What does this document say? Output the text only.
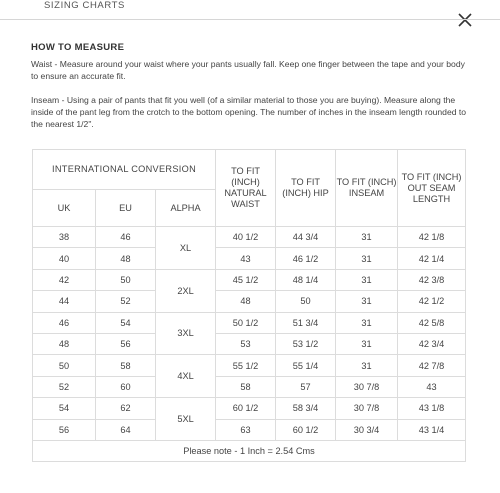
SIZING CHARTS
HOW TO MEASURE
Waist - Measure around your waist where your pants usually fall. Keep one finger between the tape and your body to ensure an accurate fit.
Inseam - Using a pair of pants that fit you well (of a similar material to those you are buying). Measure along the inside of the pant leg from the crotch to the bottom opening. The number of inches in the inseam length rounded to the nearest 1/2".
INTERNATIONAL CONVERSION			TO FIT (INCH) NATURAL WAIST	TO FIT (INCH) HIP	TO FIT (INCH) INSEAM	TO FIT (INCH) OUT SEAM LENGTH
UK	EU	ALPHA				
38	46	XL	40 1/2	44 3/4	31	42 1/8
40	48		43	46 1/2	31	42 1/4
42	50	2XL	45 1/2	48 1/4	31	42 3/8
44	52		48	50	31	42 1/2
46	54	3XL	50 1/2	51 3/4	31	42 5/8
48	56		53	53 1/2	31	42 3/4
50	58	4XL	55 1/2	55 1/4	31	42 7/8
52	60		58	57	30 7/8	43
54	62	5XL	60 1/2	58 3/4	30 7/8	43 1/8
56	64		63	60 1/2	30 3/4	43 1/4
Please note - 1 Inch = 2.54 Cms						
